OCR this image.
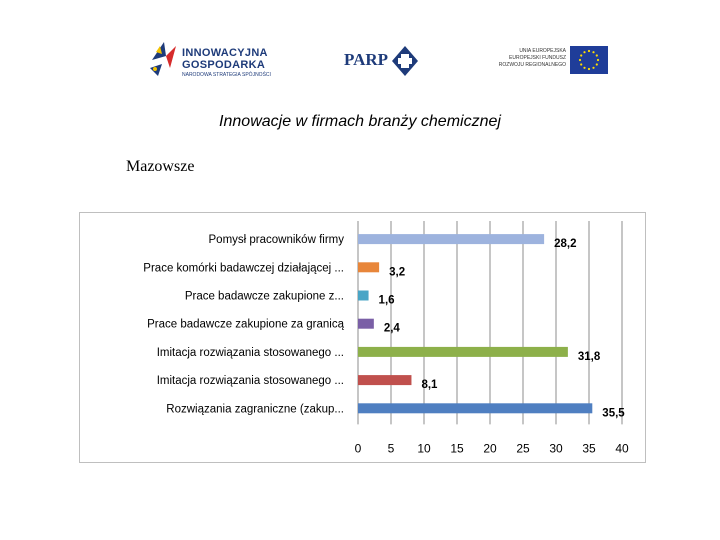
INNOWACYJNA
GOSPODARKA
NARODOWA STRATEGIA SPÓJNOŚCI
PARP	UNIA EUROPEJSKA
EUROPEJSKI FUNDUSZ
ROZWOJU REGIONALNEGO
Innowacje w firmach branży chemicznej
Mazowsze
Pomysł pracowników firmy	28,2
Prace komórki badawczej działającej ...	3,2
Prace badawcze zakupione z...	1,6
Prace badawcze zakupione za granicą	2,4
Imitacja rozwiązania stosowanego ...	31,8
Imitacja rozwiązania stosowanego ...	8,1
Rozwiązania zagraniczne (zakup...	35,5
0 5 10 15 20 25 30 35 40
